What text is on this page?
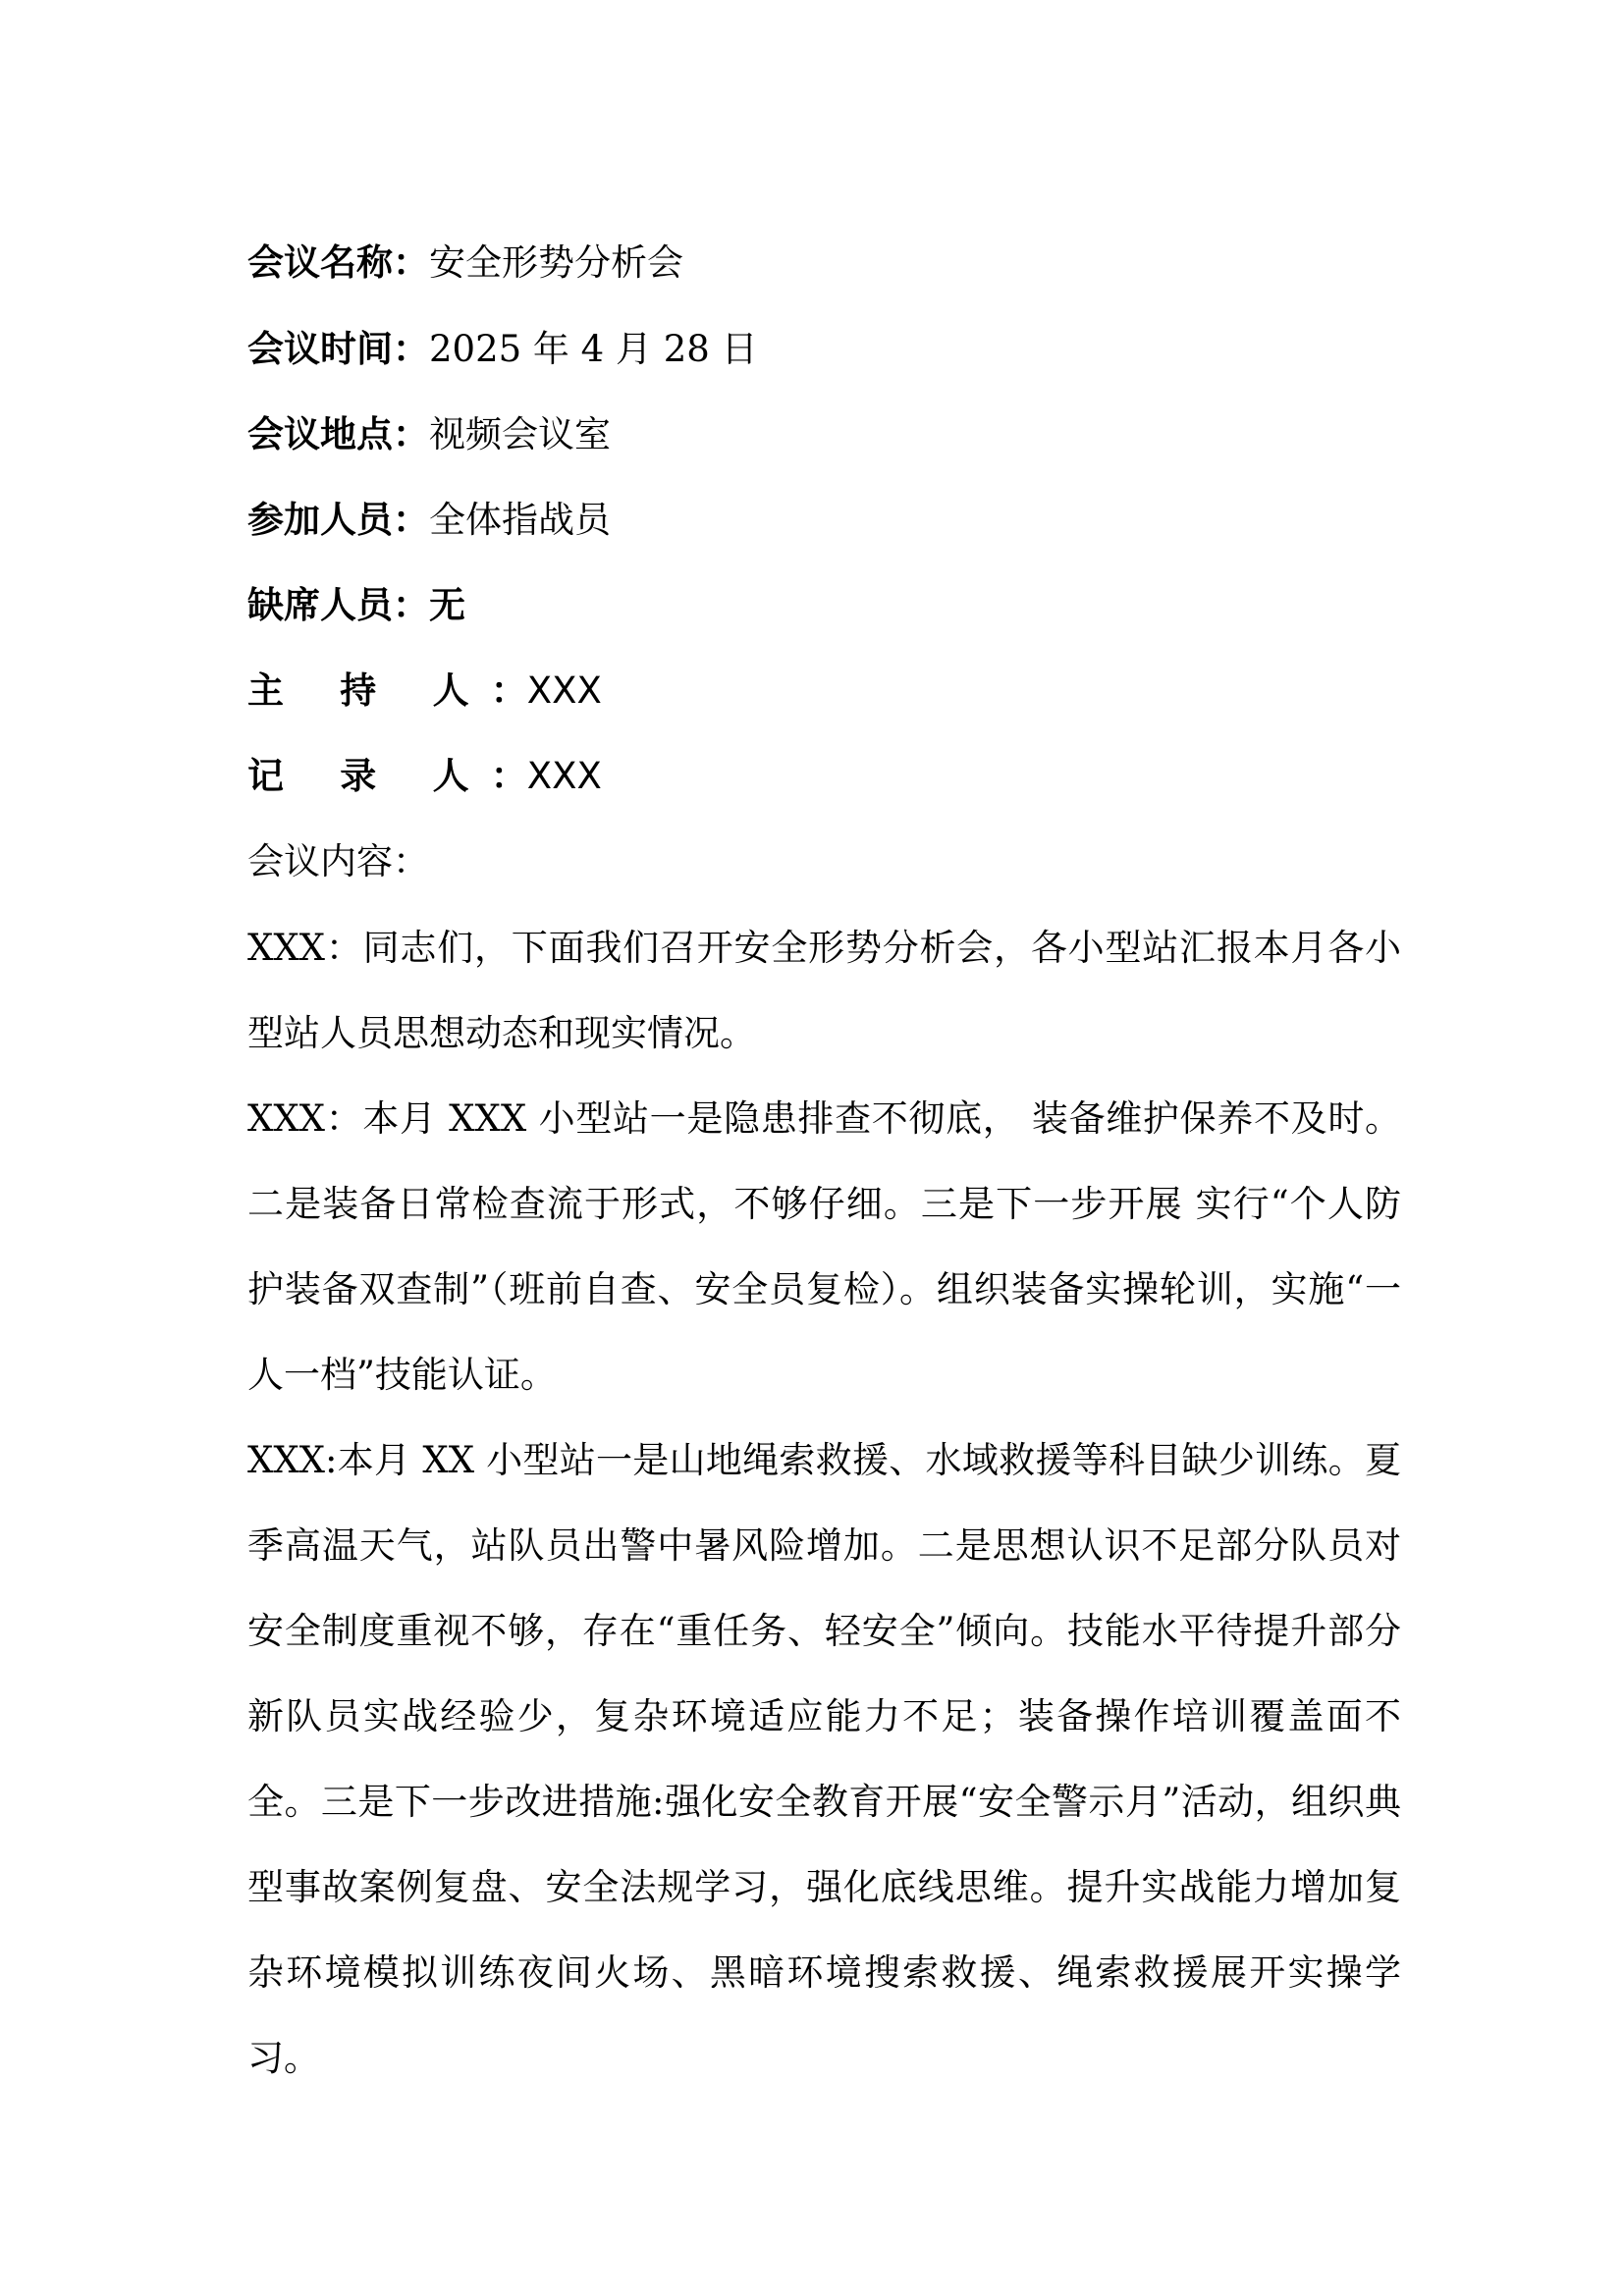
会议名称：安全形势分析会
会议时间：2025 年 4 月 28 日
会议地点：视频会议室
参加人员：全体指战员
缺席人员：无
主 持 人：XXX
记 录 人：XXX
会议内容：
XXX：同志们，下面我们召开安全形势分析会，各小型站汇报本月各小型站人员思想动态和现实情况。
XXX：本月 XXX 小型站一是隐患排查不彻底， 装备维护保养不及时。 二是装备日常检查流于形式，不够仔细。三是下一步开展 实行“个人防护装备双查制”（班前自查、安全员复检）。组织装备实操轮训，实施“一人一档”技能认证。
XXX:本月 XX 小型站一是山地绳索救援、水域救援等科目缺少训练。夏季高温天气，站队员出警中暑风险增加。二是思想认识不足部分队员对安全制度重视不够，存在“重任务、轻安全”倾向。技能水平待提升部分新队员实战经验少，复杂环境适应能力不足；装备操作培训覆盖面不全。三是下一步改进措施:强化安全教育开展“安全警示月”活动，组织典型事故案例复盘、安全法规学习，强化底线思维。提升实战能力增加复杂环境模拟训练夜间火场、黑暗环境搜索救援、绳索救援展开实操学习。
